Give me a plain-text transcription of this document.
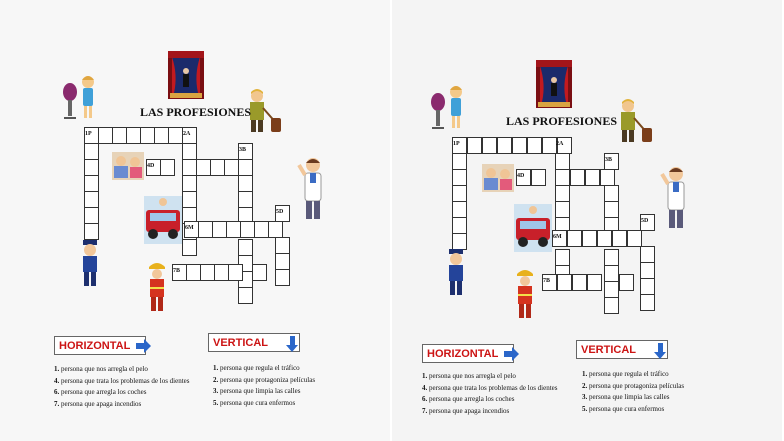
LAS PROFESIONES
1P	2A
3B
4D
5D
6M
7B
HORIZONTAL	VERTICAL
1. persona que nos arregla el pelo
4. persona que trata los problemas de los dientes
6. persona que arregla los coches
7. persona que apaga incendios
1. persona que regula el tráfico
2. persona que protagoniza películas
3. persona que limpia las calles
5. persona que cura enfermos
LAS PROFESIONES
1P	2A
3B
4D
5D
6M
7B
HORIZONTAL	VERTICAL
1. persona que nos arregla el pelo
4. persona que trata los problemas de los dientes
6. persona que arregla los coches
7. persona que apaga incendios
1. persona que regula el tráfico
2. persona que protagoniza películas
3. persona que limpia las calles
5. persona que cura enfermos
